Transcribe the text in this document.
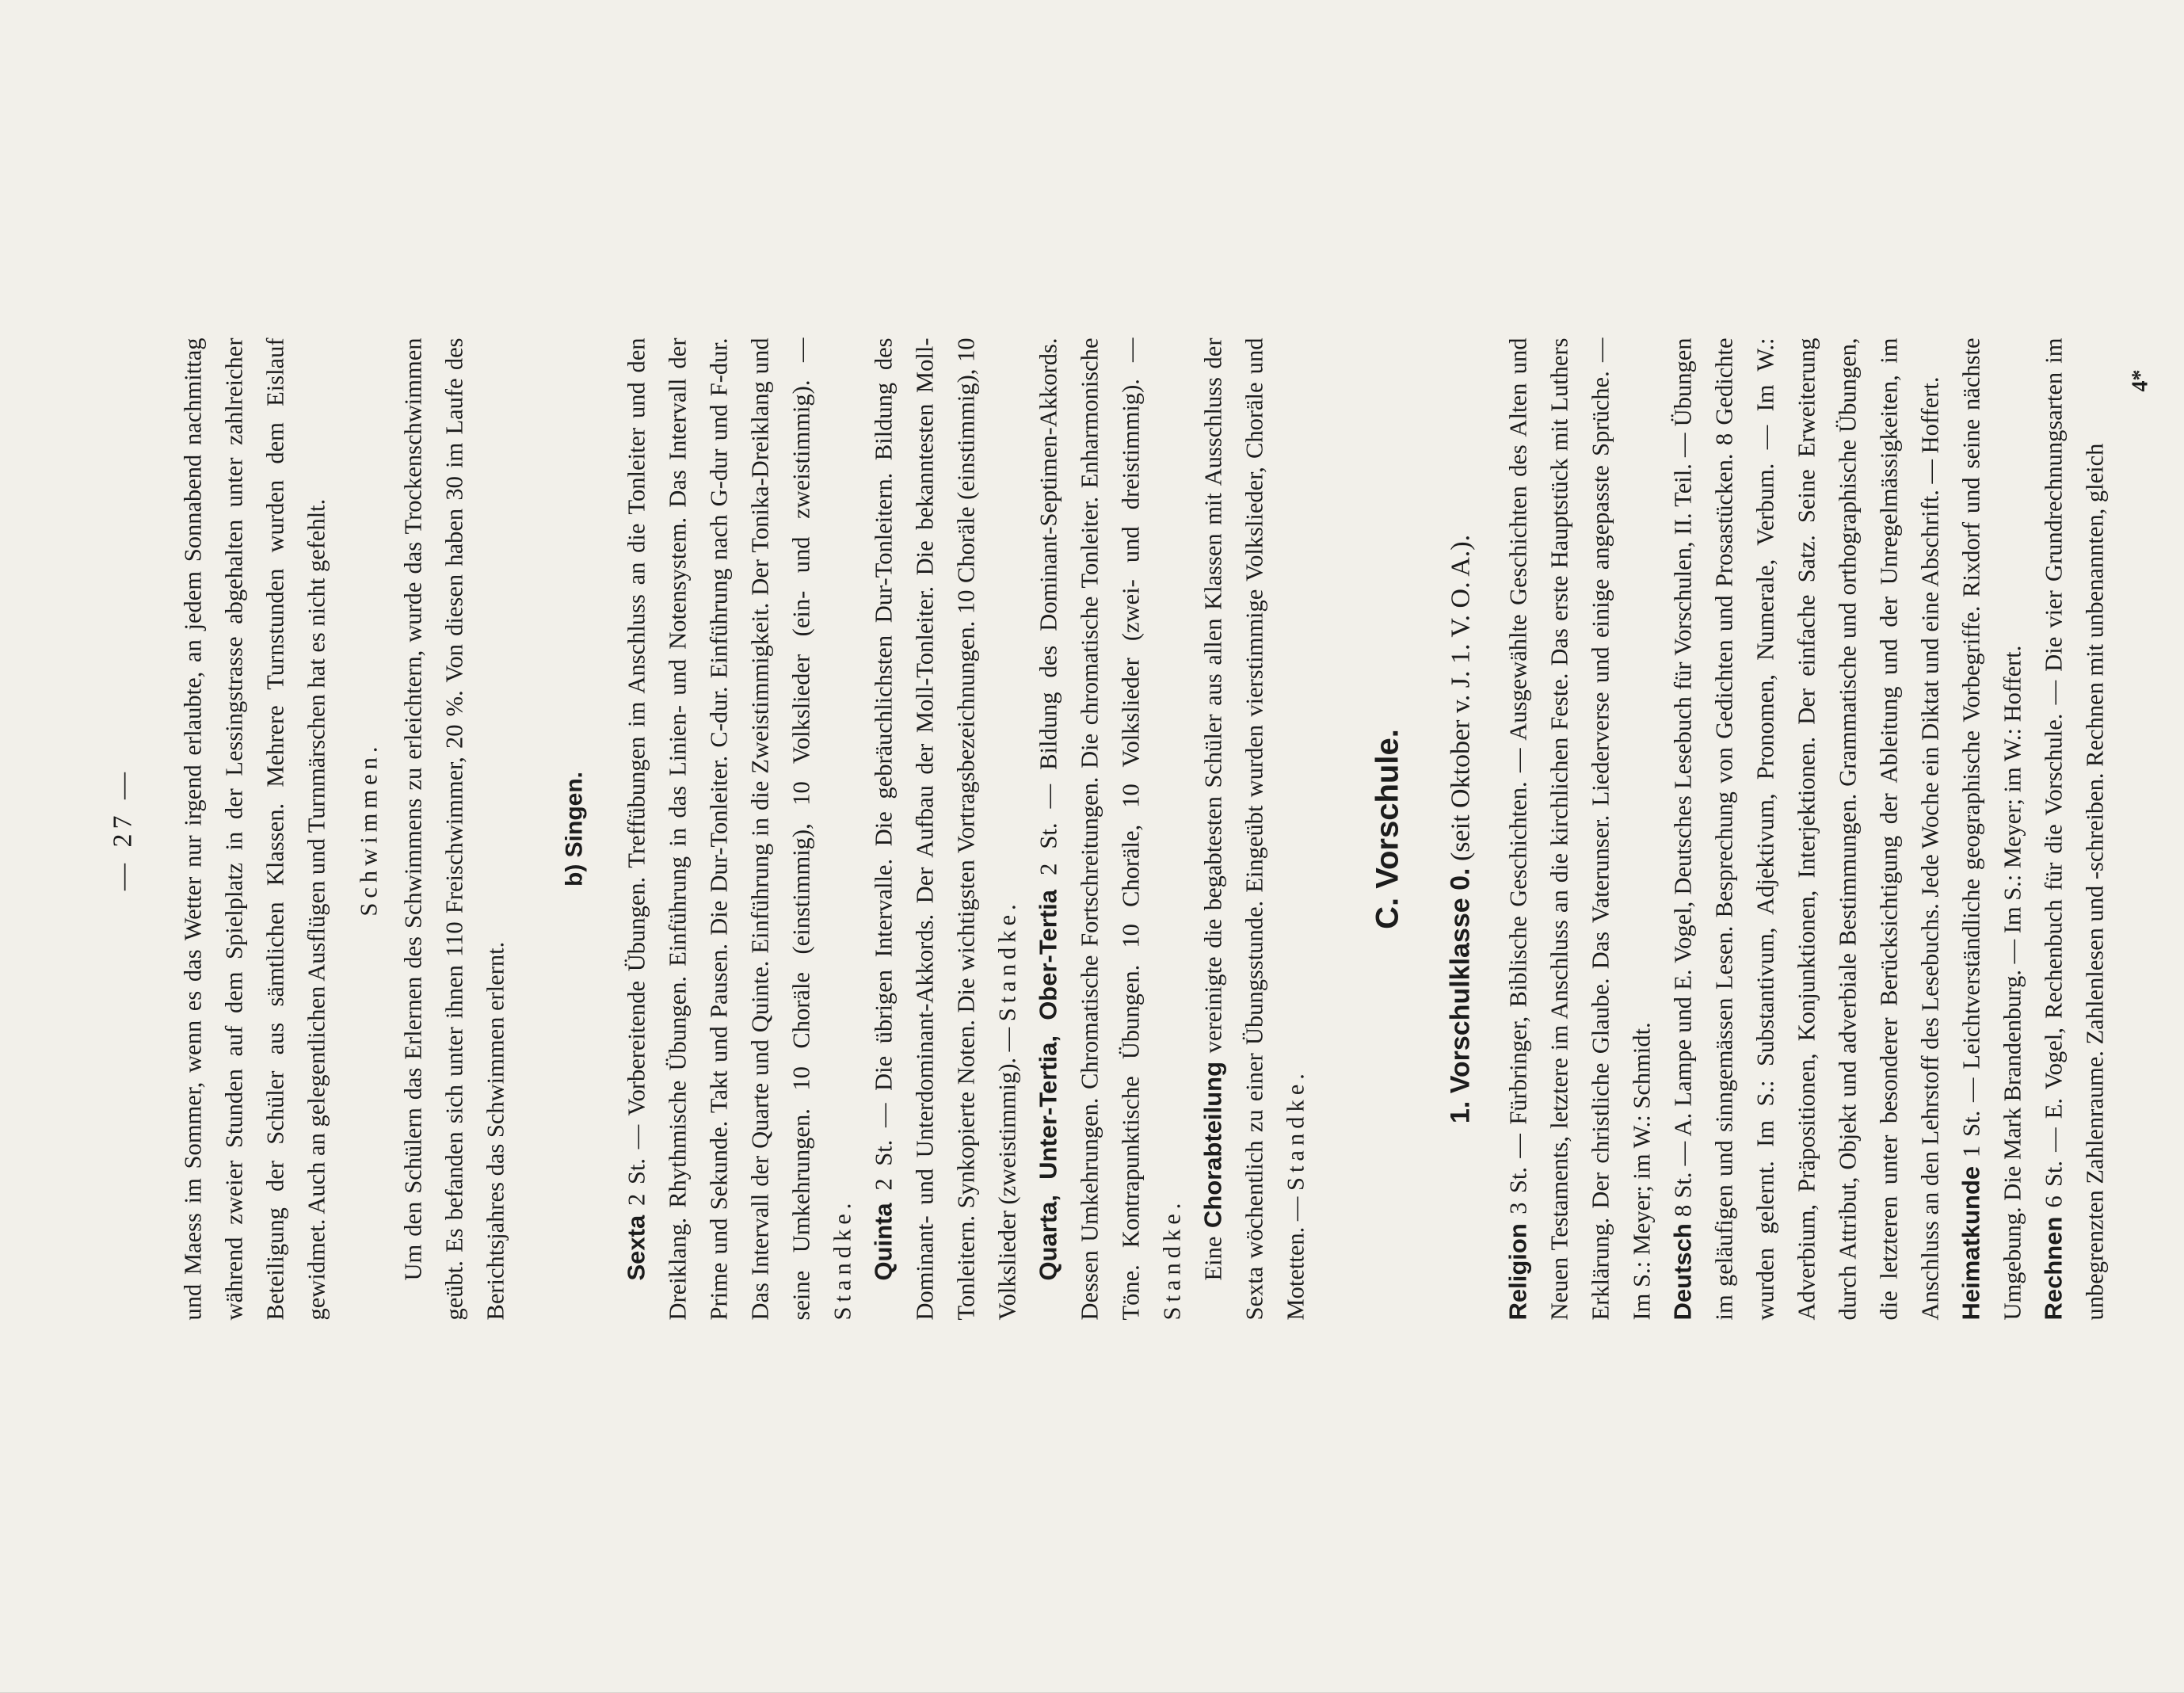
— 27 — und Maess im Sommer, wenn es das Wetter nur irgend erlaubte, an jedem Sonnabend nachmittag während zweier Stunden auf dem Spielplatz in der Lessingstrasse abgehalten unter zahlreicher Beteiligung der Schüler aus sämtlichen Klassen. Mehrere Turnstunden wurden dem Eislauf gewidmet. Auch an gelegentlichen Ausflügen und Turnmärschen hat es nicht gefehlt. Schwimmen. Um den Schülern das Erlernen des Schwimmens zu erleichtern, wurde das Trockenschwimmen geübt. Es befanden sich unter ihnen 110 Freischwimmer, 20 %. Von diesen haben 30 im Laufe des Berichtsjahres das Schwimmen erlernt.

b) Singen.

Sexta 2 St. — Vorbereitende Übungen. Treffübungen im Anschluss an die Tonleiter und den Dreiklang. Rhythmische Übungen. Einführung in das Linien- und Notensystem. Das Intervall der Prime und Sekunde. Takt und Pausen. Die Dur-Tonleiter. C-dur. Einführung nach G-dur und F-dur. Das Intervall der Quarte und Quinte. Einführung in die Zweistimmigkeit. Der Tonika-Dreiklang und seine Umkehrungen. 10 Choräle (einstimmig), 10 Volkslieder (ein- und zweistimmig). — Standke. Quinta 2 St. — Die übrigen Intervalle. Die gebräuchlichsten Dur-Tonleitern. Bildung des Dominant- und Unterdominant-Akkords. Der Aufbau der Moll-Tonleiter. Die bekanntesten Moll-Tonleitern. Synkopierte Noten. Die wichtigsten Vortragsbezeichnungen. 10 Choräle (einstimmig), 10 Volkslieder (zweistimmig). — Standke. Quarta, Unter-Tertia, Ober-Tertia 2 St. — Bildung des Dominant-Septimen-Akkords. Dessen Umkehrungen. Chromatische Fortschreitungen. Die chromatische Tonleiter. Enharmonische Töne. Kontrapunktische Übungen. 10 Choräle, 10 Volkslieder (zwei- und dreistimmig). — Standke. Eine Chorabteilung vereinigte die begabtesten Schüler aus allen Klassen mit Ausschluss der Sexta wöchentlich zu einer Übungsstunde. Eingeübt wurden vierstimmige Volkslieder, Choräle und Motetten. — Standke.

C. Vorschule.
1. Vorschulklasse 0. (seit Oktober v. J. 1. V. O. A.).

Religion 3 St. — Fürbringer, Biblische Geschichten. — Ausgewählte Geschichten des Alten und Neuen Testaments, letztere im Anschluss an die kirchlichen Feste. Das erste Hauptstück mit Luthers Erklärung. Der christliche Glaube. Das Vaterunser. Liederverse und einige angepasste Sprüche. — Im S.: Meyer; im W.: Schmidt. Deutsch 8 St. — A. Lampe und E. Vogel, Deutsches Lesebuch für Vorschulen, II. Teil. — Übungen im geläufigen und sinngemässen Lesen. Besprechung von Gedichten und Prosastücken. 8 Gedichte wurden gelernt. Im S.: Substantivum, Adjektivum, Pronomen, Numerale, Verbum. — Im W.: Adverbium, Präpositionen, Konjunktionen, Interjektionen. Der einfache Satz. Seine Erweiterung durch Attribut, Objekt und adverbiale Bestimmungen. Grammatische und orthographische Übungen, die letzteren unter besonderer Berücksichtigung der Ableitung und der Unregelmässigkeiten, im Anschluss an den Lehrstoff des Lesebuchs. Jede Woche ein Diktat und eine Abschrift. — Hoffert. Heimatkunde 1 St. — Leichtverständliche geographische Vorbegriffe. Rixdorf und seine nächste Umgebung. Die Mark Brandenburg. — Im S.: Meyer; im W.: Hoffert. Rechnen 6 St. — E. Vogel, Rechenbuch für die Vorschule. — Die vier Grundrechnungsarten im unbegrenzten Zahlenraume. Zahlenlesen und -schreiben. Rechnen mit unbenannten, gleich

4*
